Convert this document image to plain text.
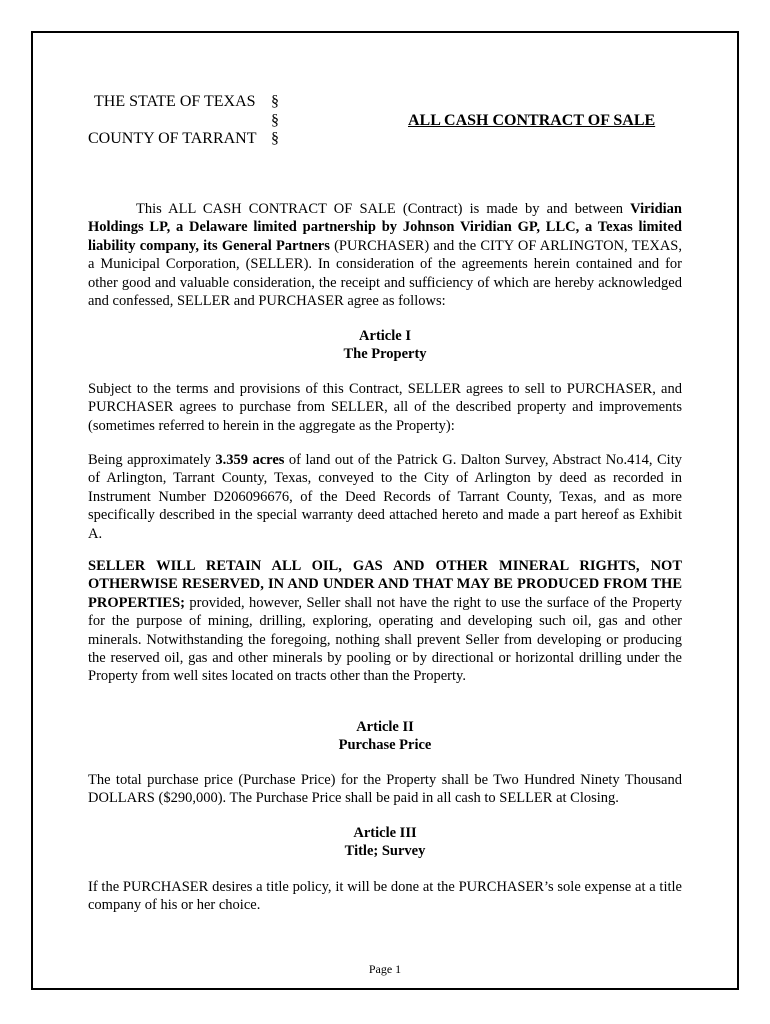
THE STATE OF TEXAS
COUNTY OF TARRANT
§
§
§
ALL CASH CONTRACT OF SALE

This ALL CASH CONTRACT OF SALE (Contract) is made by and between Viridian Holdings LP, a Delaware limited partnership by Johnson Viridian GP, LLC, a Texas limited liability company, its General Partners (PURCHASER) and the CITY OF ARLINGTON, TEXAS, a Municipal Corporation, (SELLER). In consideration of the agreements herein contained and for other good and valuable consideration, the receipt and sufficiency of which are hereby acknowledged and confessed, SELLER and PURCHASER agree as follows:

Article I
The Property

Subject to the terms and provisions of this Contract, SELLER agrees to sell to PURCHASER, and PURCHASER agrees to purchase from SELLER, all of the described property and improvements (sometimes referred to herein in the aggregate as the Property):

Being approximately 3.359 acres of land out of the Patrick G. Dalton Survey, Abstract No.414, City of Arlington, Tarrant County, Texas, conveyed to the City of Arlington by deed as recorded in Instrument Number D206096676, of the Deed Records of Tarrant County, Texas, and as more specifically described in the special warranty deed attached hereto and made a part hereof as Exhibit A.

SELLER WILL RETAIN ALL OIL, GAS AND OTHER MINERAL RIGHTS, NOT OTHERWISE RESERVED, IN AND UNDER AND THAT MAY BE PRODUCED FROM THE PROPERTIES; provided, however, Seller shall not have the right to use the surface of the Property for the purpose of mining, drilling, exploring, operating and developing such oil, gas and other minerals. Notwithstanding the foregoing, nothing shall prevent Seller from developing or producing the reserved oil, gas and other minerals by pooling or by directional or horizontal drilling under the Property from well sites located on tracts other than the Property.

Article II
Purchase Price

The total purchase price (Purchase Price) for the Property shall be Two Hundred Ninety Thousand DOLLARS ($290,000). The Purchase Price shall be paid in all cash to SELLER at Closing.

Article III
Title; Survey

If the PURCHASER desires a title policy, it will be done at the PURCHASER’s sole expense at a title company of his or her choice.

Page 1
